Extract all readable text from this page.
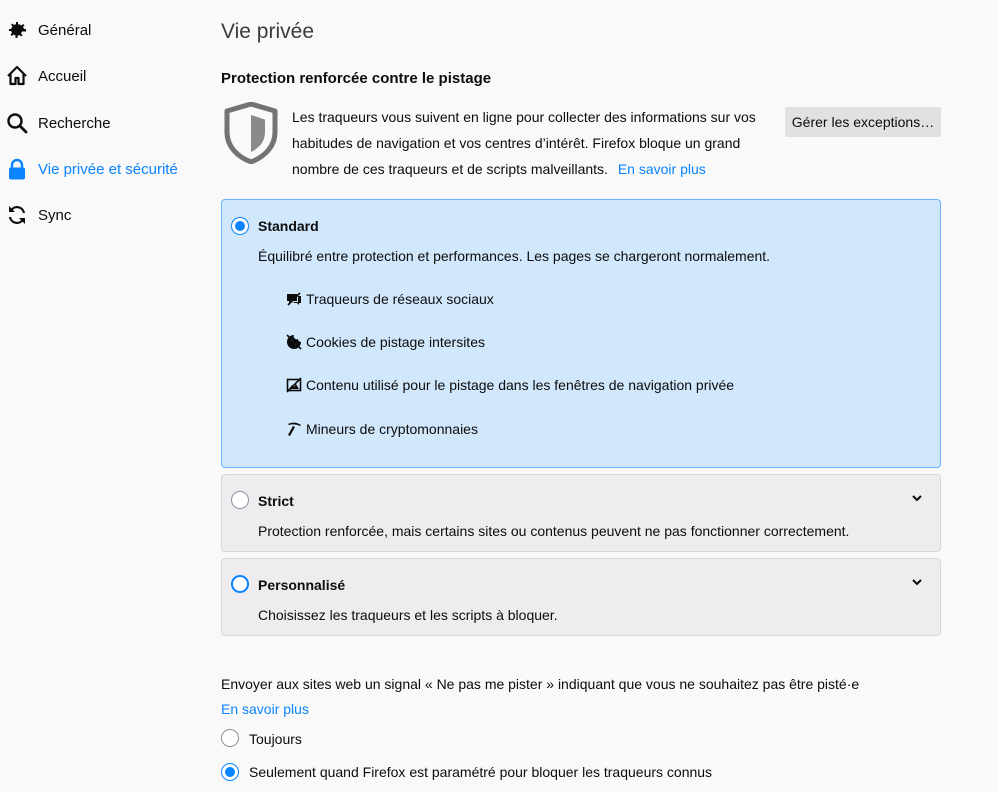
Général
Accueil
Recherche
Vie privée et sécurité
Sync
Vie privée
Protection renforcée contre le pistage
Les traqueurs vous suivent en ligne pour collecter des informations sur vos habitudes de navigation et vos centres d’intérêt. Firefox bloque un grand nombre de ces traqueurs et de scripts malveillants. En savoir plus
Gérer les exceptions…
Standard
Équilibré entre protection et performances. Les pages se chargeront normalement.
Traqueurs de réseaux sociaux
Cookies de pistage intersites
Contenu utilisé pour le pistage dans les fenêtres de navigation privée
Mineurs de cryptomonnaies
Strict
Protection renforcée, mais certains sites ou contenus peuvent ne pas fonctionner correctement.
Personnalisé
Choisissez les traqueurs et les scripts à bloquer.
Envoyer aux sites web un signal « Ne pas me pister » indiquant que vous ne souhaitez pas être pisté·e
En savoir plus
Toujours
Seulement quand Firefox est paramétré pour bloquer les traqueurs connus
